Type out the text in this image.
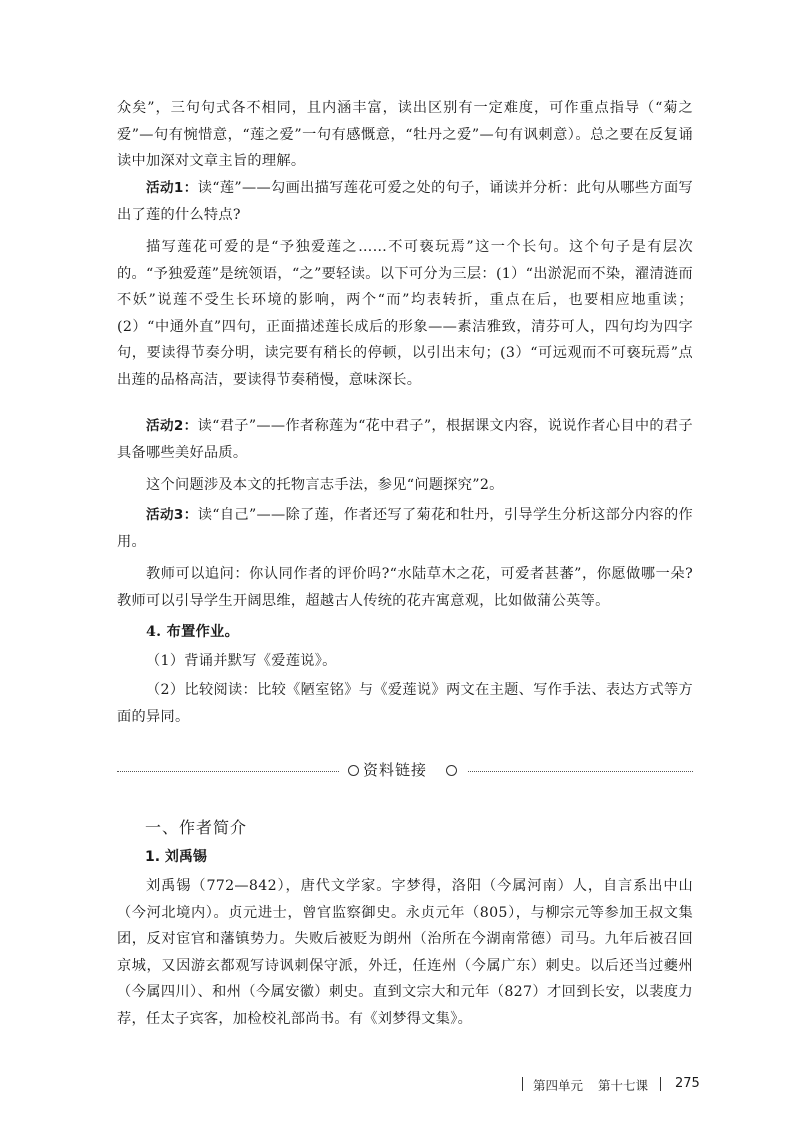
众矣”，三句句式各不相同，且内涵丰富，读出区别有一定难度，可作重点指导（“菊之爱”—句有惋惜意，“莲之爱”一句有感慨意，“牡丹之爱”—句有讽刺意）。总之要在反复诵读中加深对文章主旨的理解。
活动1：读“莲”——勾画出描写莲花可爱之处的句子，诵读并分析：此句从哪些方面写出了莲的什么特点?
描写莲花可爱的是“予独爱莲之……不可亵玩焉”这一个长句。这个句子是有层次的。“予独爱莲”是统领语，“之”要轻读。以下可分为三层：(1）“出淤泥而不染，濯清涟而不妖”说莲不受生长环境的影响，两个“而”均表转折，重点在后，也要相应地重读；(2）“中通外直”四句，正面描述莲长成后的形象——素洁雅致，清芬可人，四句均为四字句，要读得节奏分明，读完要有稍长的停顿，以引出末句；(3）“可远观而不可亵玩焉”点出莲的品格高洁，要读得节奏稍慢，意味深长。
活动2：读“君子”——作者称莲为“花中君子”，根据课文内容，说说作者心目中的君子具备哪些美好品质。
这个问题涉及本文的托物言志手法，参见“问题探究”2。
活动3：读“自己”——除了莲，作者还写了菊花和牡丹，引导学生分析这部分内容的作用。
教师可以追问：你认同作者的评价吗?“水陆草木之花，可爱者甚蕃”，你愿做哪一朵?教师可以引导学生开阔思维，超越古人传统的花卉寓意观，比如做蒲公英等。
4. 布置作业。
（1）背诵并默写《爱莲说》。
（2）比较阅读：比较《陋室铭》与《爱莲说》两文在主题、写作手法、表达方式等方面的异同。
资料链接
一、作者简介
1. 刘禹锡
刘禹锡（772—842），唐代文学家。字梦得，洛阳（今属河南）人，自言系出中山（今河北境内）。贞元进士，曾官监察御史。永贞元年（805），与柳宗元等参加王叔文集团，反对宦官和藩镇势力。失败后被贬为朗州（治所在今湖南常德）司马。九年后被召回京城，又因游玄都观写诗讽刺保守派，外迁，任连州（今属广东）刺史。以后还当过夔州（今属四川）、和州（今属安徽）刺史。直到文宗大和元年（827）才回到长安，以裴度力荐，任太子宾客，加检校礼部尚书。有《刘梦得文集》。
第四单元 第十七课 275
